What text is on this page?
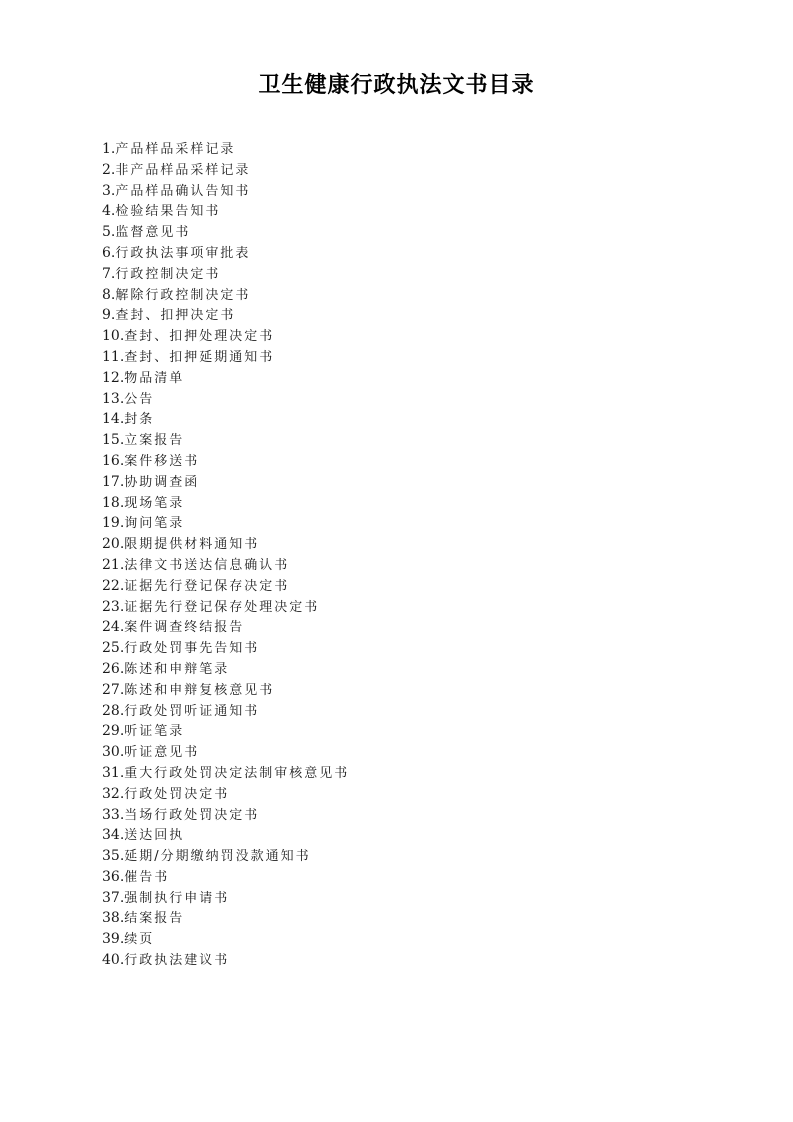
卫生健康行政执法文书目录
1.产品样品采样记录
2.非产品样品采样记录
3.产品样品确认告知书
4.检验结果告知书
5.监督意见书
6.行政执法事项审批表
7.行政控制决定书
8.解除行政控制决定书
9.查封、扣押决定书
10.查封、扣押处理决定书
11.查封、扣押延期通知书
12.物品清单
13.公告
14.封条
15.立案报告
16.案件移送书
17.协助调查函
18.现场笔录
19.询问笔录
20.限期提供材料通知书
21.法律文书送达信息确认书
22.证据先行登记保存决定书
23.证据先行登记保存处理决定书
24.案件调查终结报告
25.行政处罚事先告知书
26.陈述和申辩笔录
27.陈述和申辩复核意见书
28.行政处罚听证通知书
29.听证笔录
30.听证意见书
31.重大行政处罚决定法制审核意见书
32.行政处罚决定书
33.当场行政处罚决定书
34.送达回执
35.延期/分期缴纳罚没款通知书
36.催告书
37.强制执行申请书
38.结案报告
39.续页
40.行政执法建议书
